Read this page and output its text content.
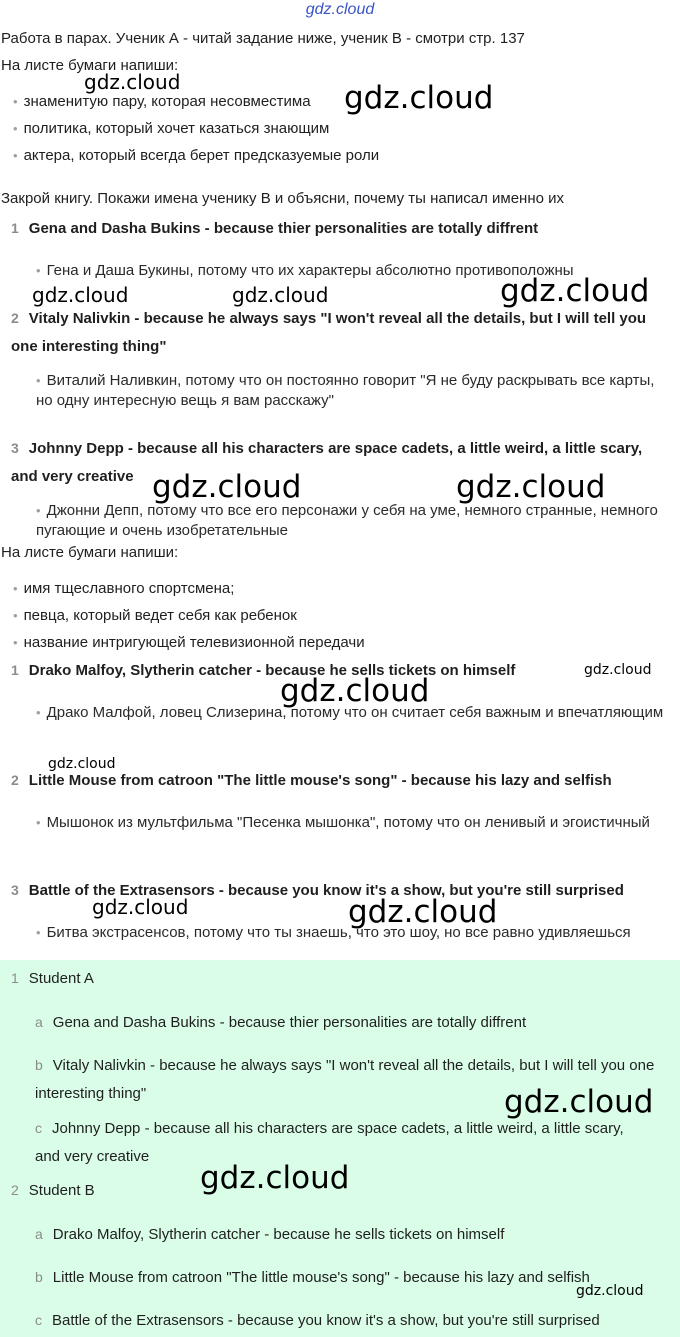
gdz.cloud
Работа в парах. Ученик А - читай задание ниже, ученик В - смотри стр. 137
На листе бумаги напиши:
• знаменитую пару, которая несовместима
• политика, который хочет казаться знающим
• актера, который всегда берет предсказуемые роли
Закрой книгу. Покажи имена ученику В и объясни, почему ты написал именно их
1 Gena and Dasha Bukins - because thier personalities are totally diffrent
• Гена и Даша Букины, потому что их характеры абсолютно противоположны
2 Vitaly Nalivkin - because he always says "I won't reveal all the details, but I will tell you one interesting thing"
• Виталий Наливкин, потому что он постоянно говорит "Я не буду раскрывать все карты, но одну интересную вещь я вам расскажу"
3 Johnny Depp - because all his characters are space cadets, a little weird, a little scary, and very creative
• Джонни Депп, потому что все его персонажи у себя на уме, немного странные, немного пугающие и очень изобретательные
На листе бумаги напиши:
• имя тщеславного спортсмена;
• певца, который ведет себя как ребенок
• название интригующей телевизионной передачи
1 Drako Malfoy, Slytherin catcher - because he sells tickets on himself
• Драко Малфой, ловец Слизерина, потому что он считает себя важным и впечатляющим
2 Little Mouse from catroon "The little mouse's song" - because his lazy and selfish
• Мышонок из мультфильма "Песенка мышонка", потому что он ленивый и эгоистичный
3 Battle of the Extrasensors - because you know it's a show, but you're still surprised
• Битва экстрасенсов, потому что ты знаешь, что это шоу, но все равно удивляешься
1 Student A
a Gena and Dasha Bukins - because thier personalities are totally diffrent
b Vitaly Nalivkin - because he always says "I won't reveal all the details, but I will tell you one interesting thing"
c Johnny Depp - because all his characters are space cadets, a little weird, a little scary, and very creative
2 Student B
a Drako Malfoy, Slytherin catcher - because he sells tickets on himself
b Little Mouse from catroon "The little mouse's song" - because his lazy and selfish
c Battle of the Extrasensors - because you know it's a show, but you're still surprised
gdz.cloud	gdz.cloud
gdz.cloud	gdz.cloud	gdz.cloud
gdz.cloud	gdz.cloud
gdz.cloud
gdz.cloud
gdz.cloud
gdz.cloud	gdz.cloud
gdz.cloud
gdz.cloud
gdz.cloud
